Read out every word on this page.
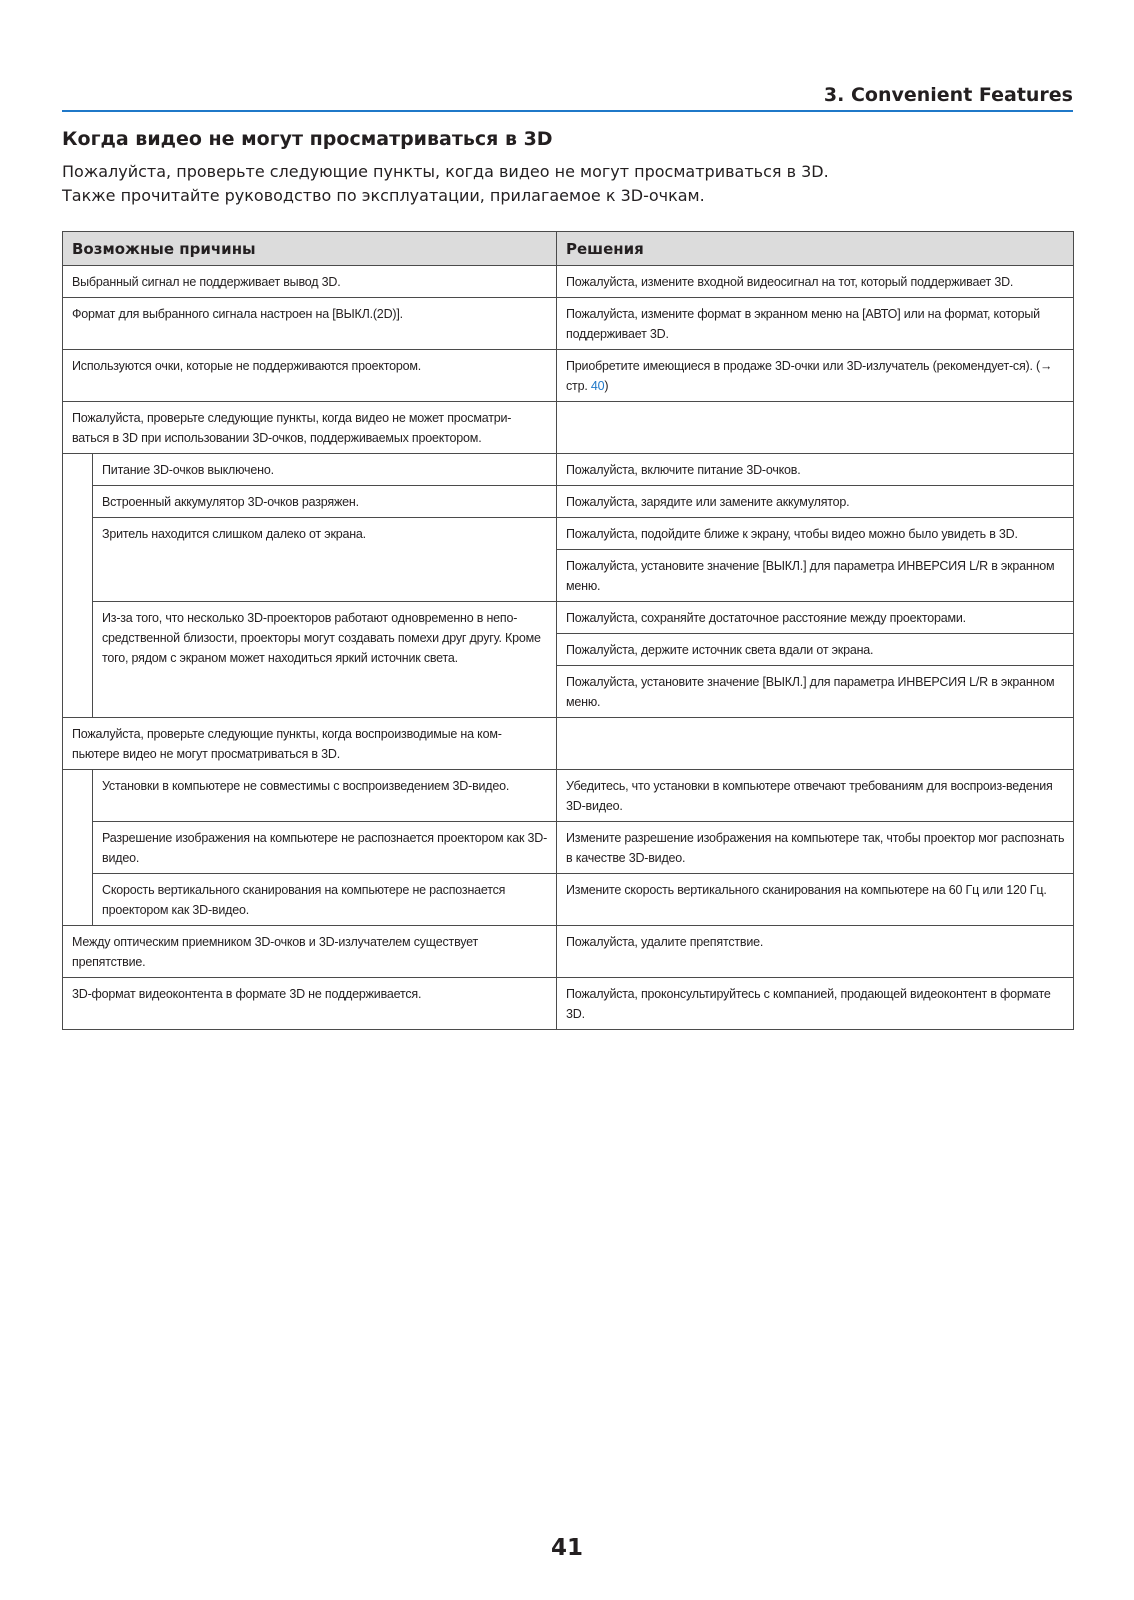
3. Convenient Features
Когда видео не могут просматриваться в 3D

Пожалуйста, проверьте следующие пункты, когда видео не могут просматриваться в 3D.

Также прочитайте руководство по эксплуатации, прилагаемое к 3D-очкам.

Возможные причины		Решения
Выбранный сигнал не поддерживает вывод 3D.		Пожалуйста, измените входной видеосигнал на тот, который поддерживает 3D.
Формат для выбранного сигнала настроен на [ВЫКЛ.(2D)].		Пожалуйста, измените формат в экранном меню на [АВТО] или на формат, который поддерживает 3D.
Используются очки, которые не поддерживаются проектором.		Приобретите имеющиеся в продаже 3D-очки или 3D-излучатель (рекомендует-ся). (→ стр. 40)
Пожалуйста, проверьте следующие пункты, когда видео не может просматри-ваться в 3D при использовании 3D-очков, поддерживаемых проектором.		
	Питание 3D-очков выключено.	Пожалуйста, включите питание 3D-очков.
	Встроенный аккумулятор 3D-очков разряжен.	Пожалуйста, зарядите или замените аккумулятор.
	Зритель находится слишком далеко от экрана.	Пожалуйста, подойдите ближе к экрану, чтобы видео можно было увидеть в 3D.
		Пожалуйста, установите значение [ВЫКЛ.] для параметра ИНВЕРСИЯ L/R в экранном меню.
	Из-за того, что несколько 3D-проекторов работают одновременно в непо-средственной близости, проекторы могут создавать помехи друг другу. Кроме того, рядом с экраном может находиться яркий источник света.	Пожалуйста, сохраняйте достаточное расстояние между проекторами.
		Пожалуйста, держите источник света вдали от экрана.
		Пожалуйста, установите значение [ВЫКЛ.] для параметра ИНВЕРСИЯ L/R в экранном меню.
Пожалуйста, проверьте следующие пункты, когда воспроизводимые на ком-пьютере видео не могут просматриваться в 3D.		
	Установки в компьютере не совместимы с воспроизведением 3D-видео.	Убедитесь, что установки в компьютере отвечают требованиям для воспроиз-ведения 3D-видео.
	Разрешение изображения на компьютере не распознается проектором как 3D-видео.	Измените разрешение изображения на компьютере так, чтобы проектор мог распознать в качестве 3D-видео.
	Скорость вертикального сканирования на компьютере не распознается проектором как 3D-видео.	Измените скорость вертикального сканирования на компьютере на 60 Гц или 120 Гц.
Между оптическим приемником 3D-очков и 3D-излучателем существует препятствие.		Пожалуйста, удалите препятствие.
3D-формат видеоконтента в формате 3D не поддерживается.		Пожалуйста, проконсультируйтесь с компанией, продающей видеоконтент в формате 3D.
41
